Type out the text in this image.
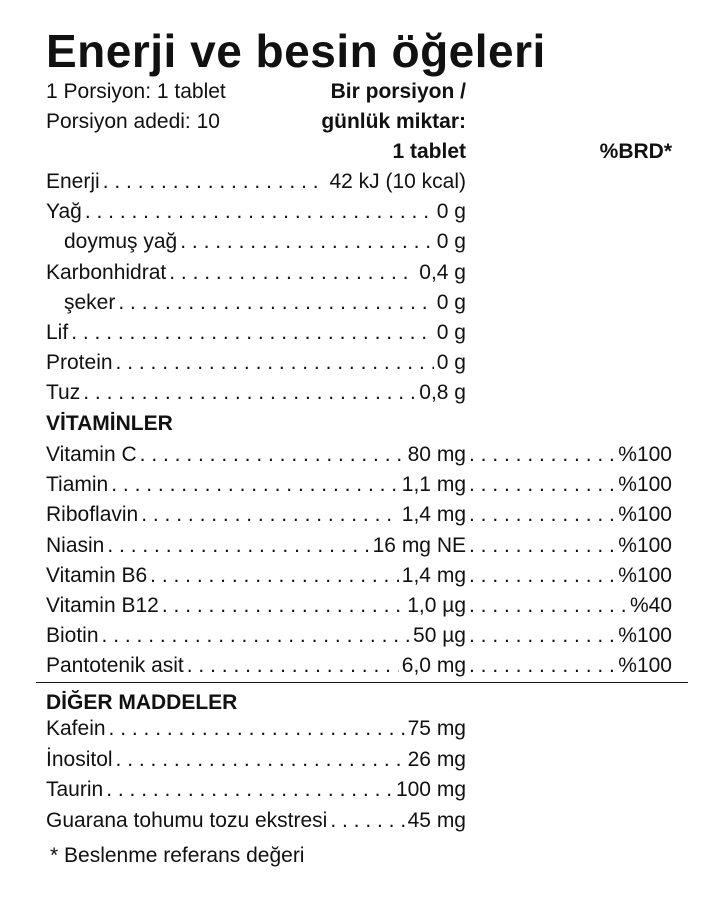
Enerji ve besin öğeleri
1 Porsiyon: 1 tablet
Porsiyon adedi: 10
Bir porsiyon /
günlük miktar:
1 tablet	%BRD*
Enerji . . .	42 kJ (10 kcal)
Yağ . . .	0 g
doymuş yağ . . .	0 g
Karbonhidrat . . .	0,4 g
şeker . . .	0 g
Lif . . .	0 g
Protein . . .	0 g
Tuz . . .	0,8 g
VİTAMİNLER
Vitamin C . . .	80 mg . . .	%100
Tiamin . . .	1,1 mg . . .	%100
Riboflavin . . .	1,4 mg . . .	%100
Niasin . . .	16 mg NE . . .	%100
Vitamin B6 . . .	1,4 mg . . .	%100
Vitamin B12 . . .	1,0 µg . . .	%40
Biotin . . .	50 µg . . .	%100
Pantotenik asit . . .	6,0 mg . . .	%100
DİĞER MADDELER
Kafein . . .	75 mg
İnositol . . .	26 mg
Taurin . . .	100 mg
Guarana tohumu tozu ekstresi . . .	45 mg
* Beslenme referans değeri
